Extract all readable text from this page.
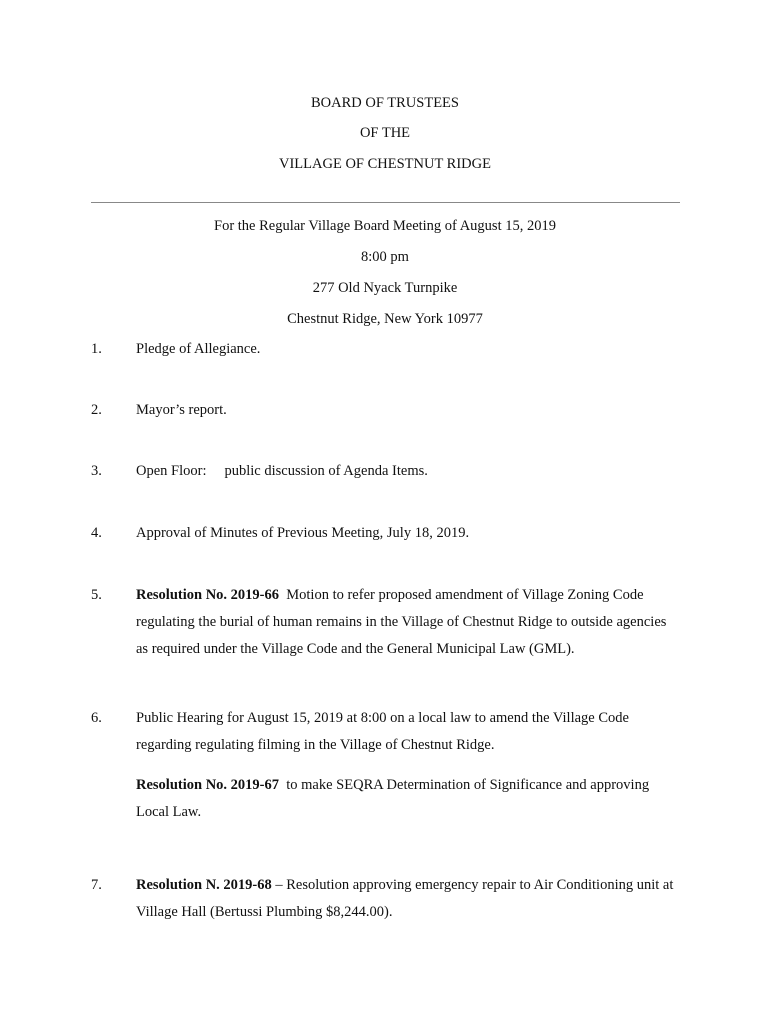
BOARD OF TRUSTEES
OF THE
VILLAGE OF CHESTNUT RIDGE
For the Regular Village Board Meeting of August 15, 2019
8:00 pm
277 Old Nyack Turnpike
Chestnut Ridge, New York 10977
1.	Pledge of Allegiance.
2.	Mayor’s report.
3.	Open Floor: public discussion of Agenda Items.
4.	Approval of Minutes of Previous Meeting, July 18, 2019.
5.	Resolution No. 2019-66 Motion to refer proposed amendment of Village Zoning Code regulating the burial of human remains in the Village of Chestnut Ridge to outside agencies as required under the Village Code and the General Municipal Law (GML).
6.	Public Hearing for August 15, 2019 at 8:00 on a local law to amend the Village Code regarding regulating filming in the Village of Chestnut Ridge.
Resolution No. 2019-67 to make SEQRA Determination of Significance and approving Local Law.
7.	Resolution N. 2019-68 – Resolution approving emergency repair to Air Conditioning unit at Village Hall (Bertussi Plumbing $8,244.00).
